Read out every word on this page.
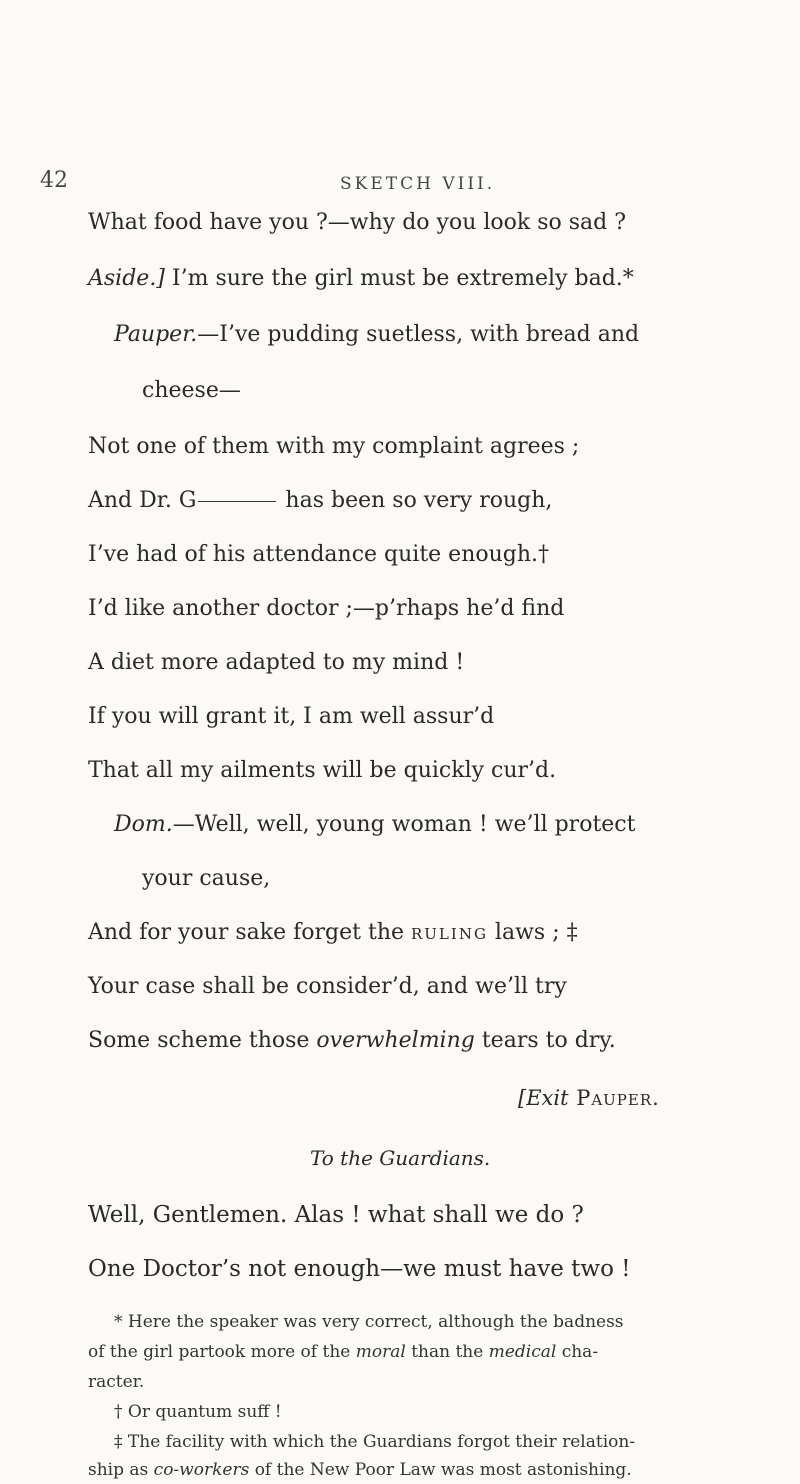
42	SKETCH VIII.
What food have you ?—why do you look so sad ?
Aside.] I’m sure the girl must be extremely bad.*
Pauper.—I’ve pudding suetless, with bread and
cheese—
Not one of them with my complaint agrees ;
And Dr. G	has been so very rough,
I’ve had of his attendance quite enough.†
I’d like another doctor ;—p’rhaps he’d find
A diet more adapted to my mind !
If you will grant it, I am well assur’d
That all my ailments will be quickly cur’d.
Dom.—Well, well, young woman ! we’ll protect
your cause,
And for your sake forget the RULING laws ; ‡
Your case shall be consider’d, and we’ll try
Some scheme those overwhelming tears to dry.
[Exit Pauper.
To the Guardians.
Well, Gentlemen. Alas ! what shall we do ?
One Doctor’s not enough—we must have two !
* Here the speaker was very correct, although the badness
of the girl partook more of the moral than the medical cha-
racter.
† Or quantum suff !
‡ The facility with which the Guardians forgot their relation-
ship as co-workers of the New Poor Law was most astonishing.
